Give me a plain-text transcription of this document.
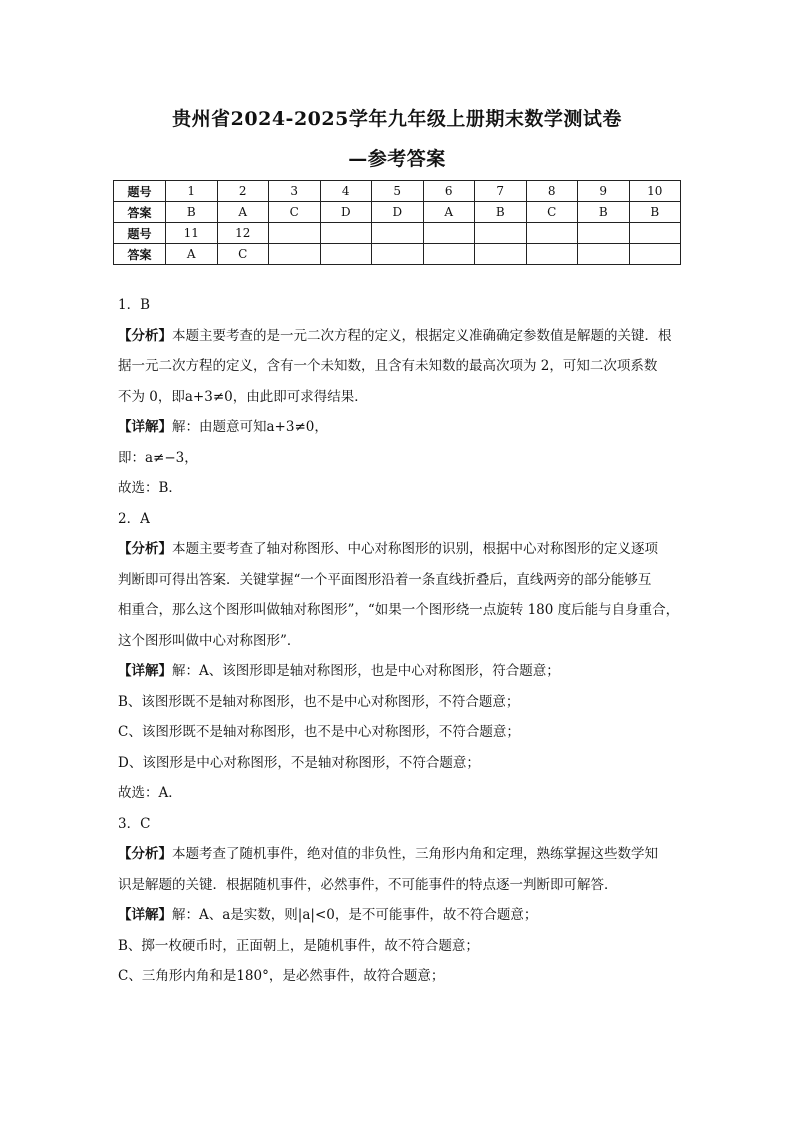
贵州省2024-2025学年九年级上册期末数学测试卷
—参考答案
题号	1	2	3	4	5	6	7	8	9	10
答案	B	A	C	D	D	A	B	C	B	B
题号	11	12								
答案	A	C								
1．B
【分析】本题主要考查的是一元二次方程的定义，根据定义准确确定参数值是解题的关键．根
据一元二次方程的定义，含有一个未知数，且含有未知数的最高次项为 2，可知二次项系数
不为 0，即a+3≠0，由此即可求得结果．
【详解】解：由题意可知a+3≠0，
即：a≠−3，
故选：B．
2．A
【分析】本题主要考查了轴对称图形、中心对称图形的识别，根据中心对称图形的定义逐项
判断即可得出答案．关键掌握“一个平面图形沿着一条直线折叠后，直线两旁的部分能够互
相重合，那么这个图形叫做轴对称图形”，“如果一个图形绕一点旋转 180 度后能与自身重合，
这个图形叫做中心对称图形”．
【详解】解：A、该图形即是轴对称图形，也是中心对称图形，符合题意；
B、该图形既不是轴对称图形，也不是中心对称图形，不符合题意；
C、该图形既不是轴对称图形，也不是中心对称图形，不符合题意；
D、该图形是中心对称图形，不是轴对称图形，不符合题意；
故选：A．
3．C
【分析】本题考查了随机事件，绝对值的非负性，三角形内角和定理，熟练掌握这些数学知
识是解题的关键．根据随机事件，必然事件，不可能事件的特点逐一判断即可解答．
【详解】解：A、a是实数，则|a|<0，是不可能事件，故不符合题意；
B、掷一枚硬币时，正面朝上，是随机事件，故不符合题意；
C、三角形内角和是180°，是必然事件，故符合题意；
